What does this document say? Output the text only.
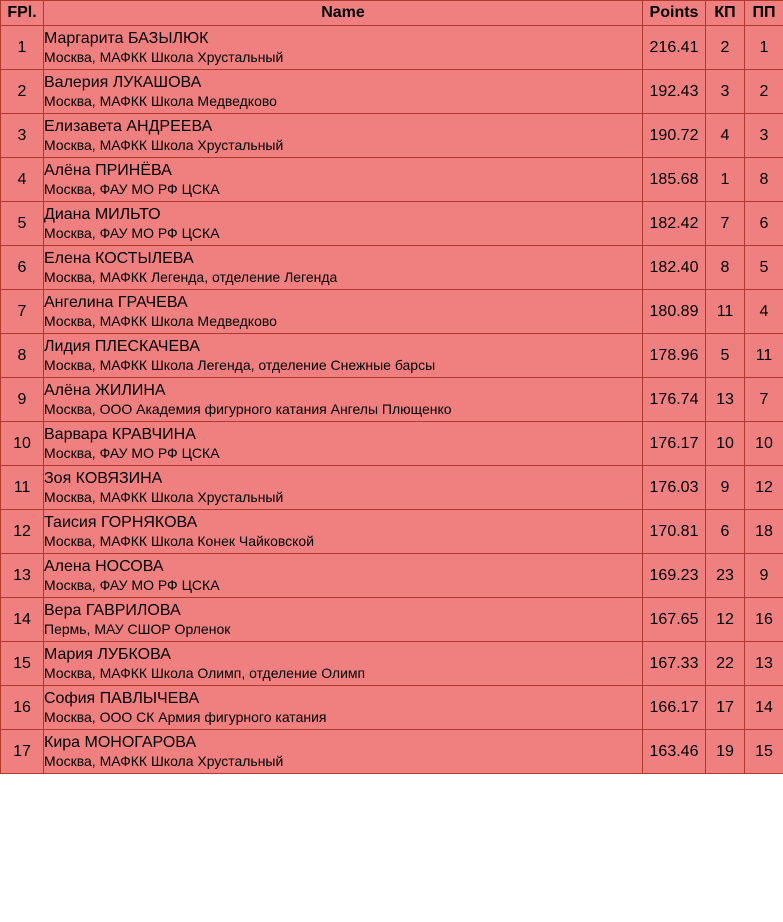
FPl.	Name	Points	КП	ПП
1	Маргарита БАЗЫЛЮК
Москва, МАФКК Школа Хрустальный	216.41	2	1
2	Валерия ЛУКАШОВА
Москва, МАФКК Школа Медведково	192.43	3	2
3	Елизавета АНДРЕЕВА
Москва, МАФКК Школа Хрустальный	190.72	4	3
4	Алёна ПРИНЁВА
Москва, ФАУ МО РФ ЦСКА	185.68	1	8
5	Диана МИЛЬТО
Москва, ФАУ МО РФ ЦСКА	182.42	7	6
6	Елена КОСТЫЛЕВА
Москва, МАФКК Легенда, отделение Легенда	182.40	8	5
7	Ангелина ГРАЧЕВА
Москва, МАФКК Школа Медведково	180.89	11	4
8	Лидия ПЛЕСКАЧЕВА
Москва, МАФКК Школа Легенда, отделение Снежные барсы	178.96	5	11
9	Алёна ЖИЛИНА
Москва, ООО Академия фигурного катания Ангелы Плющенко	176.74	13	7
10	Варвара КРАВЧИНА
Москва, ФАУ МО РФ ЦСКА	176.17	10	10
11	Зоя КОВЯЗИНА
Москва, МАФКК Школа Хрустальный	176.03	9	12
12	Таисия ГОРНЯКОВА
Москва, МАФКК Школа Конек Чайковской	170.81	6	18
13	Алена НОСОВА
Москва, ФАУ МО РФ ЦСКА	169.23	23	9
14	Вера ГАВРИЛОВА
Пермь, МАУ СШОР Орленок	167.65	12	16
15	Мария ЛУБКОВА
Москва, МАФКК Школа Олимп, отделение Олимп	167.33	22	13
16	София ПАВЛЫЧЕВА
Москва, ООО СК Армия фигурного катания	166.17	17	14
17	Кира МОНОГАРОВА
Москва, МАФКК Школа Хрустальный	163.46	19	15
